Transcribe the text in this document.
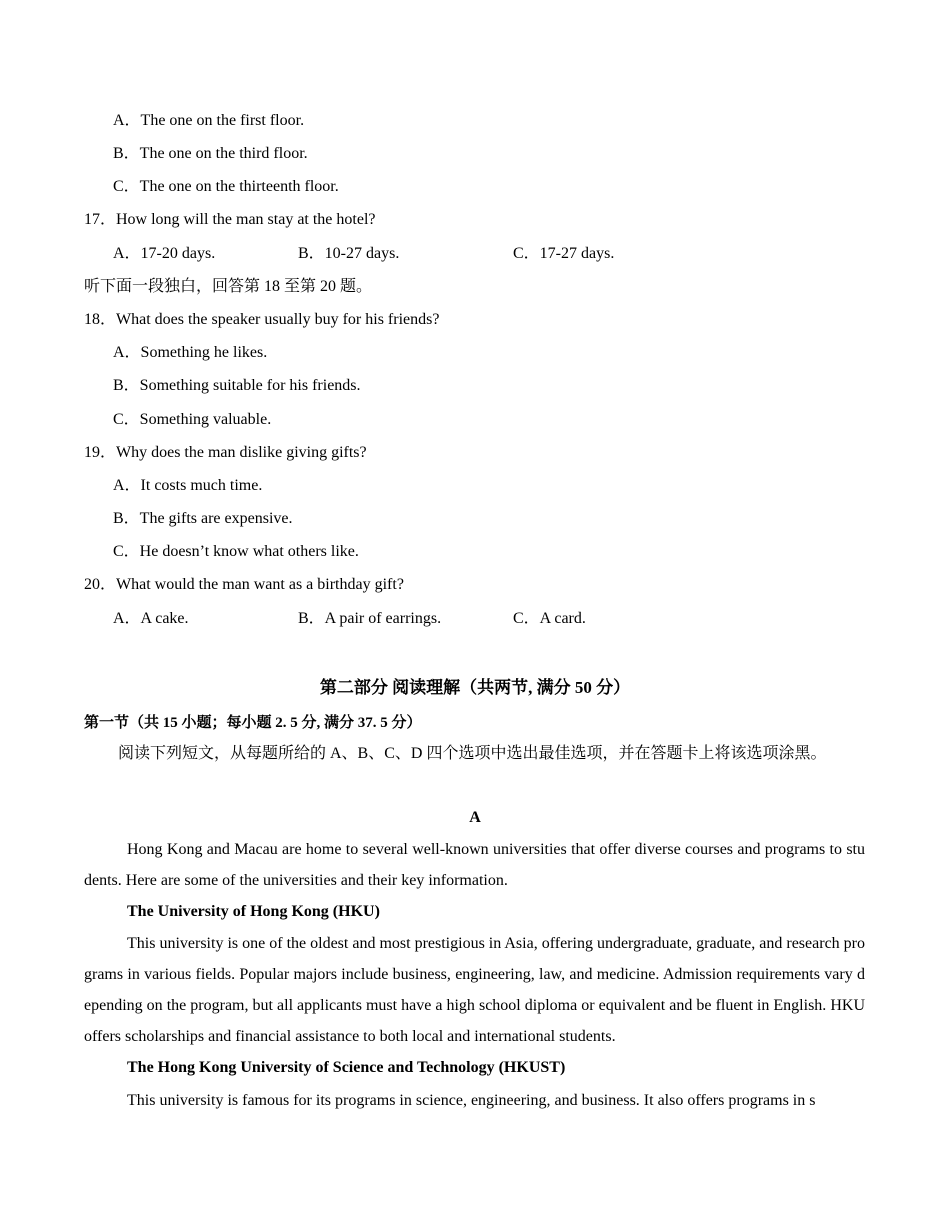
A．The one on the first floor.
B．The one on the third floor.
C．The one on the thirteenth floor.
17．How long will the man stay at the hotel?
A．17-20 days.	B．10-27 days.	C．17-27 days.
听下面一段独白，回答第 18 至第 20 题。
18．What does the speaker usually buy for his friends?
A．Something he likes.
B．Something suitable for his friends.
C．Something valuable.
19．Why does the man dislike giving gifts?
A．It costs much time.
B．The gifts are expensive.
C．He doesn’t know what others like.
20．What would the man want as a birthday gift?
A．A cake.	B．A pair of earrings.	C．A card.
第二部分 阅读理解（共两节, 满分 50 分）
第一节（共 15 小题；每小题 2. 5 分, 满分 37. 5 分）
阅读下列短文，从每题所给的 A、B、C、D 四个选项中选出最佳选项，并在答题卡上将该选项涂黑。
A
Hong Kong and Macau are home to several well-known universities that offer diverse courses and programs to students. Here are some of the universities and their key information.
The University of Hong Kong (HKU)
This university is one of the oldest and most prestigious in Asia, offering undergraduate, graduate, and research programs in various fields. Popular majors include business, engineering, law, and medicine. Admission requirements vary depending on the program, but all applicants must have a high school diploma or equivalent and be fluent in English. HKU offers scholarships and financial assistance to both local and international students.
The Hong Kong University of Science and Technology (HKUST)
This university is famous for its programs in science, engineering, and business. It also offers programs in s
